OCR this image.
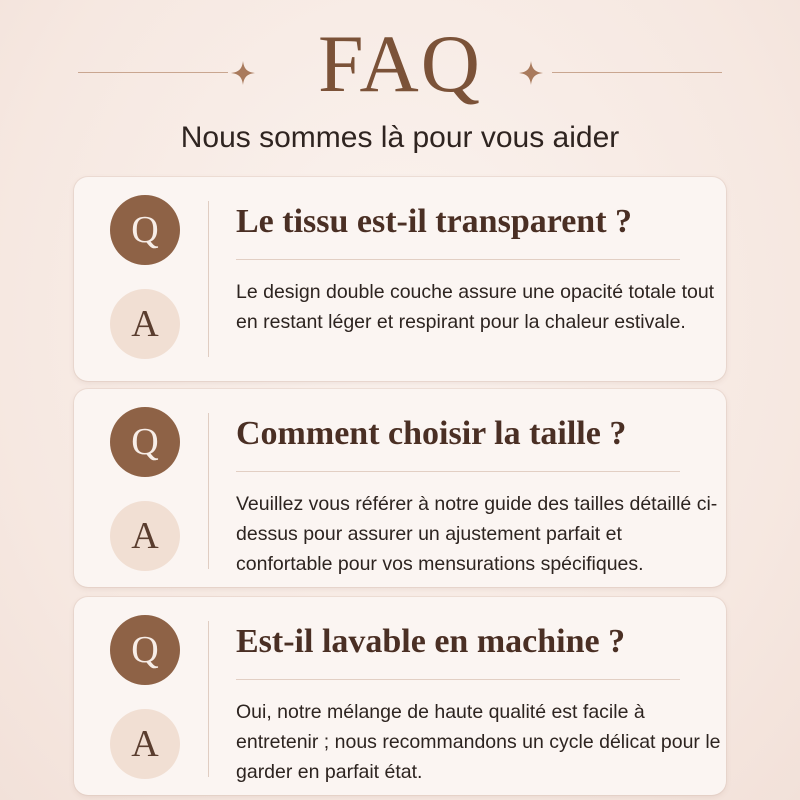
FAQ
Nous sommes là pour vous aider
Q
A
Le tissu est-il transparent ?
Le design double couche assure une opacité totale tout en restant léger et respirant pour la chaleur estivale.
Q
A
Comment choisir la taille ?
Veuillez vous référer à notre guide des tailles détaillé ci-dessus pour assurer un ajustement parfait et confortable pour vos mensurations spécifiques.
Q
A
Est-il lavable en machine ?
Oui, notre mélange de haute qualité est facile à entretenir ; nous recommandons un cycle délicat pour le garder en parfait état.
